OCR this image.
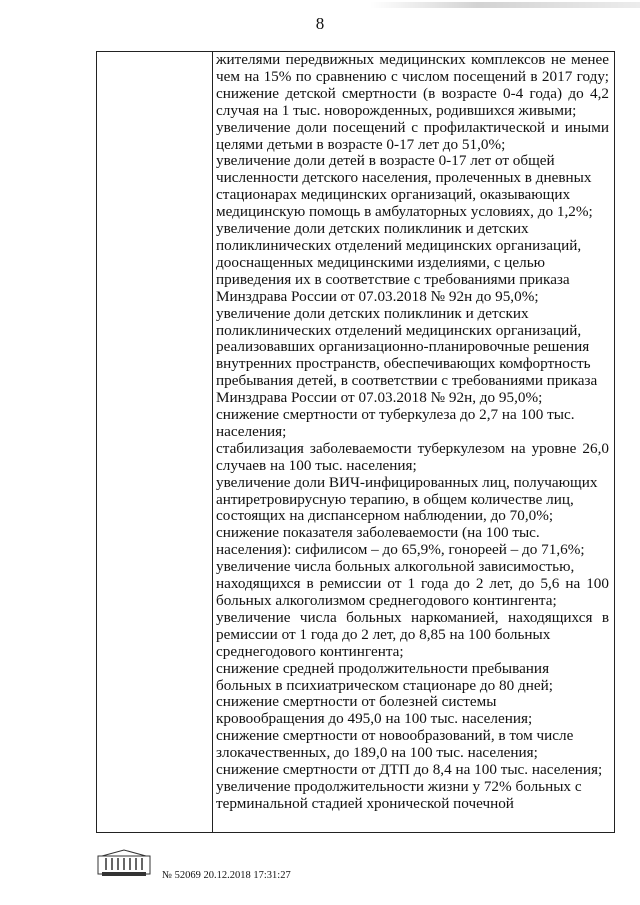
8
жителями передвижных медицинских комплексов не менее
чем на 15% по сравнению с числом посещений в 2017 году;
снижение детской смертности (в возрасте 0-4 года) до 4,2
случая на 1 тыс. новорожденных, родившихся живыми;
увеличение доли посещений с профилактической и иными
целями детьми в возрасте 0-17 лет до 51,0%;
увеличение доли детей в возрасте 0-17 лет от общей
численности детского населения, пролеченных в дневных
стационарах медицинских организаций, оказывающих
медицинскую помощь в амбулаторных условиях, до 1,2%;
увеличение доли детских поликлиник и детских
поликлинических отделений медицинских организаций,
дооснащенных медицинскими изделиями, с целью
приведения их в соответствие с требованиями приказа
Минздрава России от 07.03.2018 № 92н до 95,0%;
увеличение доли детских поликлиник и детских
поликлинических отделений медицинских организаций,
реализовавших организационно-планировочные решения
внутренних пространств, обеспечивающих комфортность
пребывания детей, в соответствии с требованиями приказа
Минздрава России от 07.03.2018 № 92н, до 95,0%;
снижение смертности от туберкулеза до 2,7 на 100 тыс.
населения;
стабилизация заболеваемости туберкулезом на уровне 26,0
случаев на 100 тыс. населения;
увеличение доли ВИЧ-инфицированных лиц, получающих
антиретровирусную терапию, в общем количестве лиц,
состоящих на диспансерном наблюдении, до 70,0%;
снижение показателя заболеваемости (на 100 тыс.
населения): сифилисом – до 65,9%, гонореей – до 71,6%;
увеличение числа больных алкогольной зависимостью,
находящихся в ремиссии от 1 года до 2 лет, до 5,6 на 100
больных алкоголизмом среднегодового контингента;
увеличение числа больных наркоманией, находящихся в
ремиссии от 1 года до 2 лет, до 8,85 на 100 больных
среднегодового контингента;
снижение средней продолжительности пребывания
больных в психиатрическом стационаре до 80 дней;
снижение смертности от болезней системы
кровообращения до 495,0 на 100 тыс. населения;
снижение смертности от новообразований, в том числе
злокачественных, до 189,0 на 100 тыс. населения;
снижение смертности от ДТП до 8,4 на 100 тыс. населения;
увеличение продолжительности жизни у 72% больных с
терминальной стадией хронической почечной
№ 52069 20.12.2018 17:31:27
